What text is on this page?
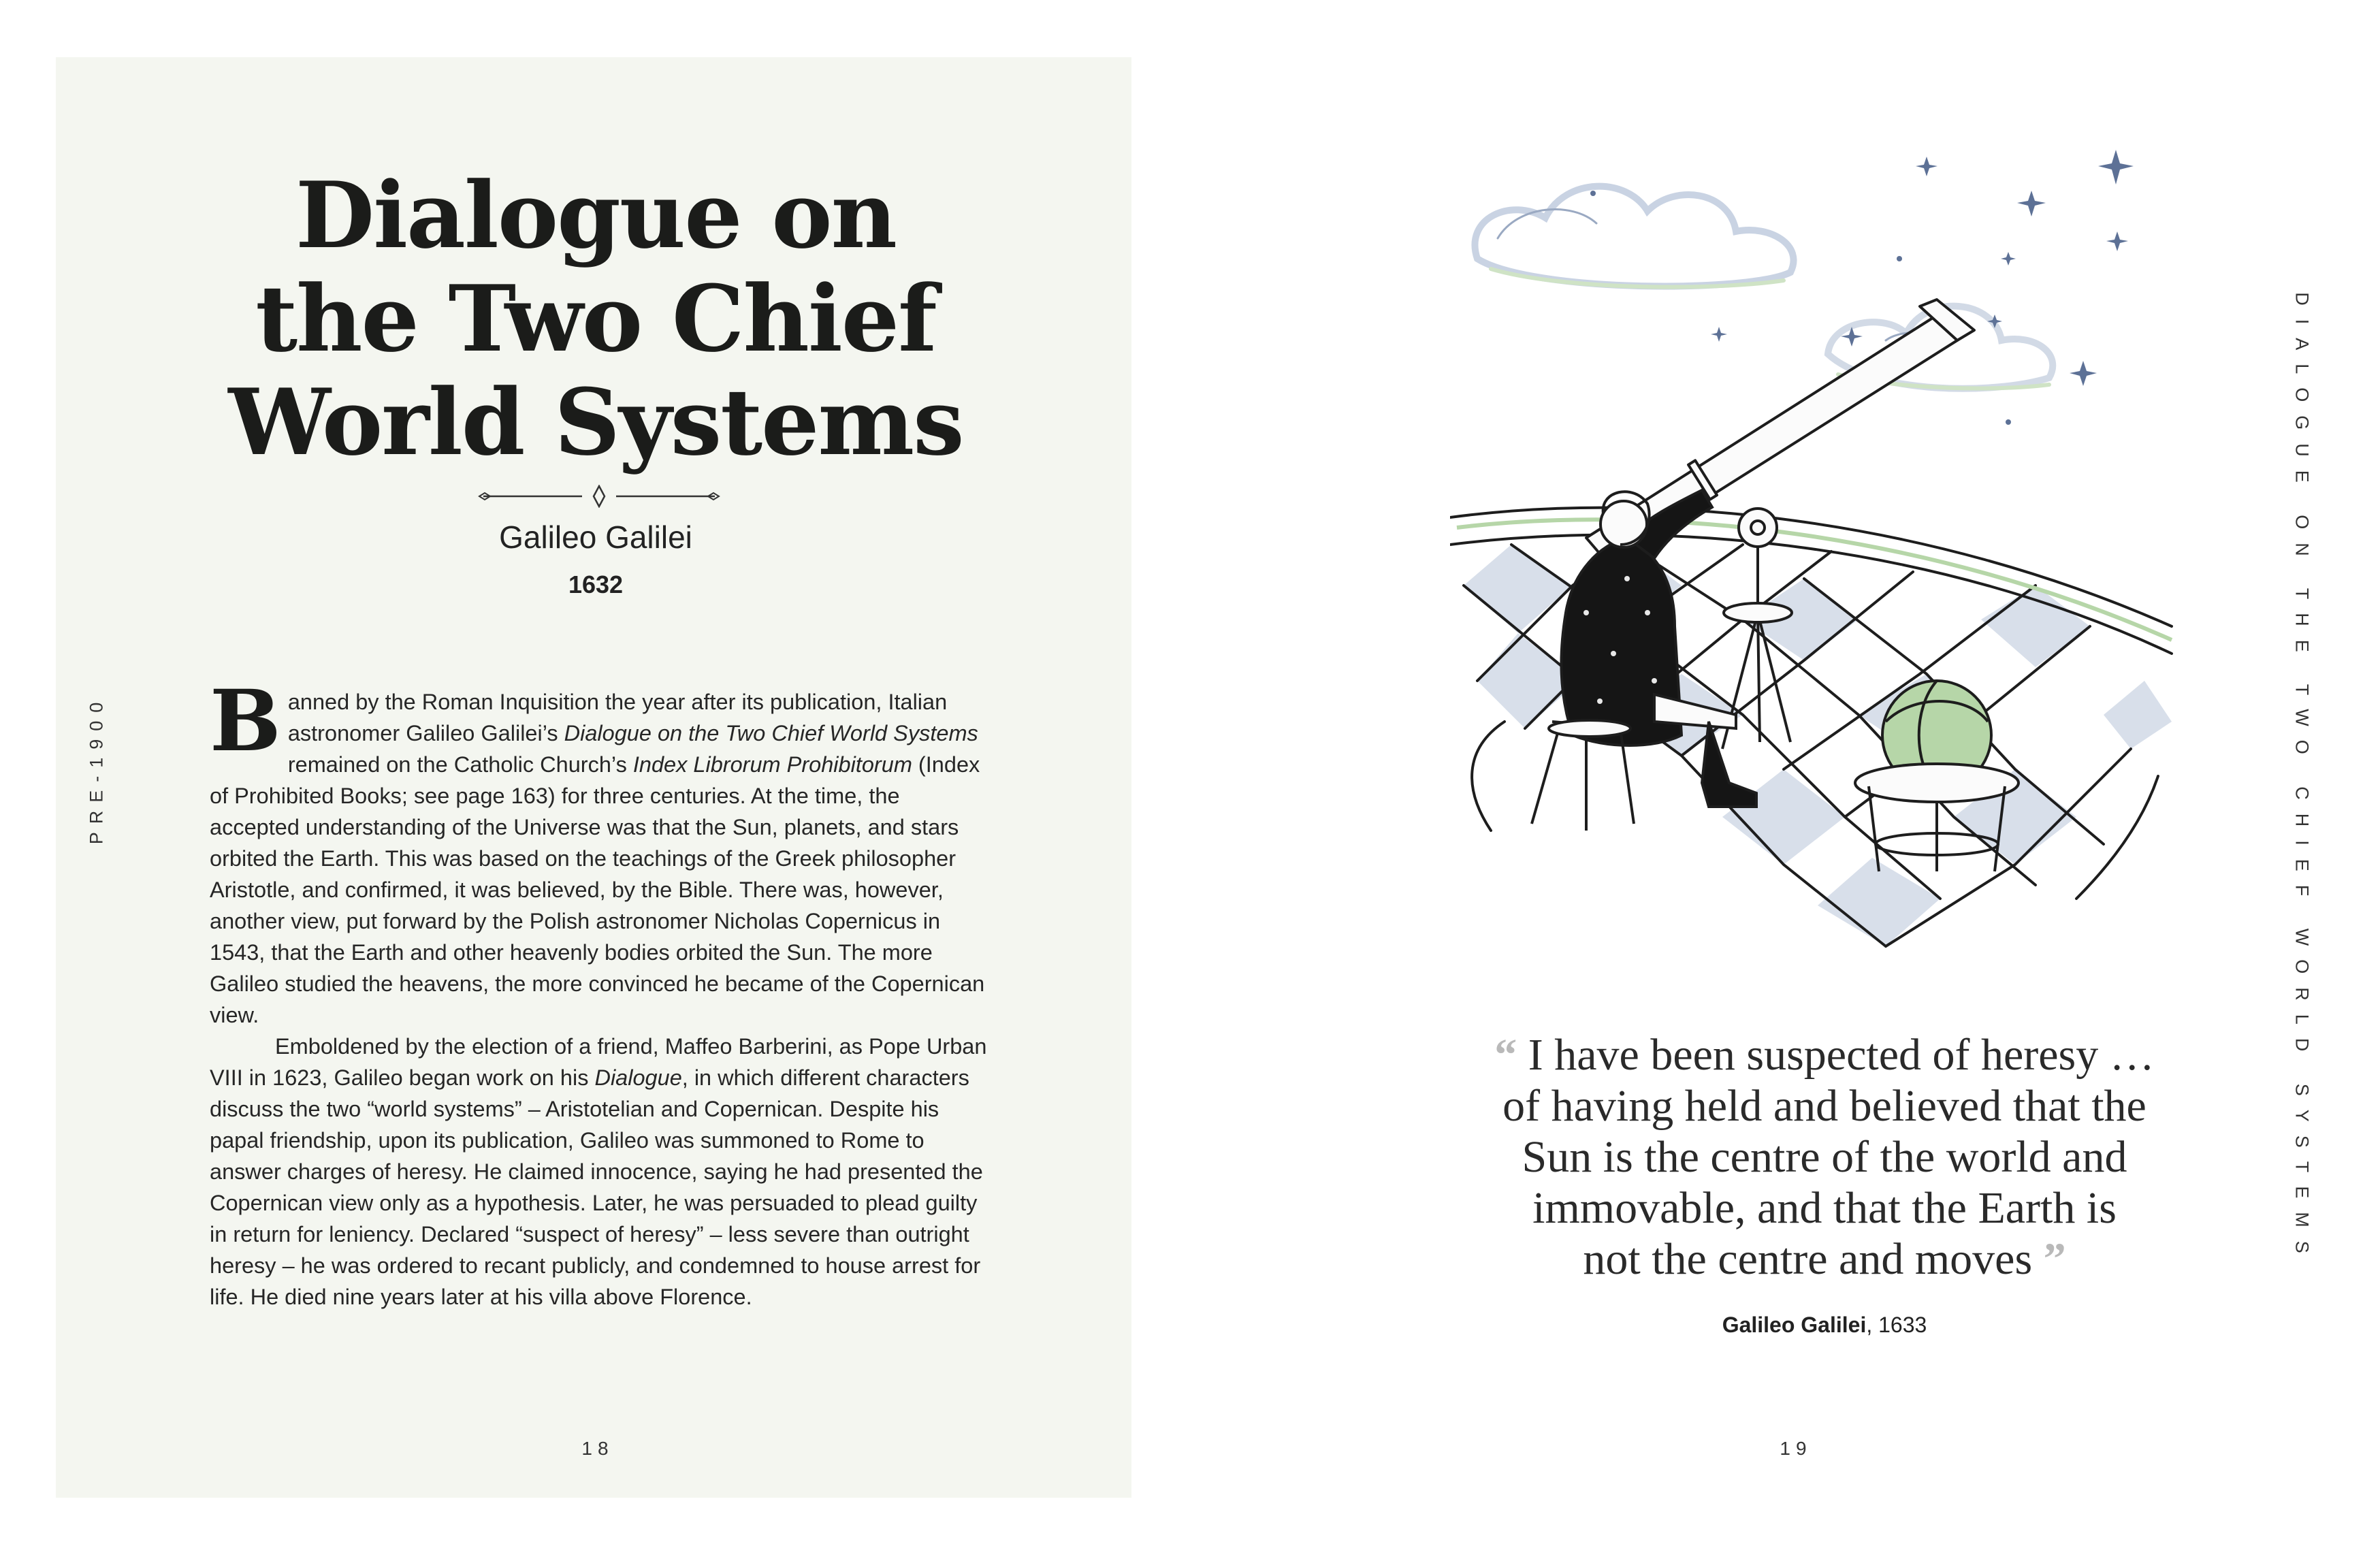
PRE-1900
Dialogue on
the Two Chief
World Systems
Galileo Galilei
1632
B anned by the Roman Inquisition the year after its publication, Italian astronomer Galileo Galilei’s Dialogue on the Two Chief World Systems remained on the Catholic Church’s Index Librorum Prohibitorum (Index of Prohibited Books; see page 163) for three centuries. At the time, the accepted understanding of the Universe was that the Sun, planets, and stars orbited the Earth. This was based on the teachings of the Greek philosopher Aristotle, and confirmed, it was believed, by the Bible. There was, however, another view, put forward by the Polish astronomer Nicholas Copernicus in 1543, that the Earth and other heavenly bodies orbited the Sun. The more Galileo studied the heavens, the more convinced he became of the Copernican view.

Emboldened by the election of a friend, Maffeo Barberini, as Pope Urban VIII in 1623, Galileo began work on his Dialogue, in which different characters discuss the two “world systems” – Aristotelian and Copernican. Despite his papal friendship, upon its publication, Galileo was summoned to Rome to answer charges of heresy. He claimed innocence, saying he had presented the Copernican view only as a hypothesis. Later, he was persuaded to plead guilty in return for leniency. Declared “suspect of heresy” – less severe than outright heresy – he was ordered to recant publicly, and condemned to house arrest for life. He died nine years later at his villa above Florence.

18
“ I have been suspected of heresy …
of having held and believed that the
Sun is the centre of the world and
immovable, and that the Earth is
not the centre and moves ”
Galileo Galilei, 1633
DIALOGUE ON THE TWO CHIEF WORLD SYSTEMS
19
